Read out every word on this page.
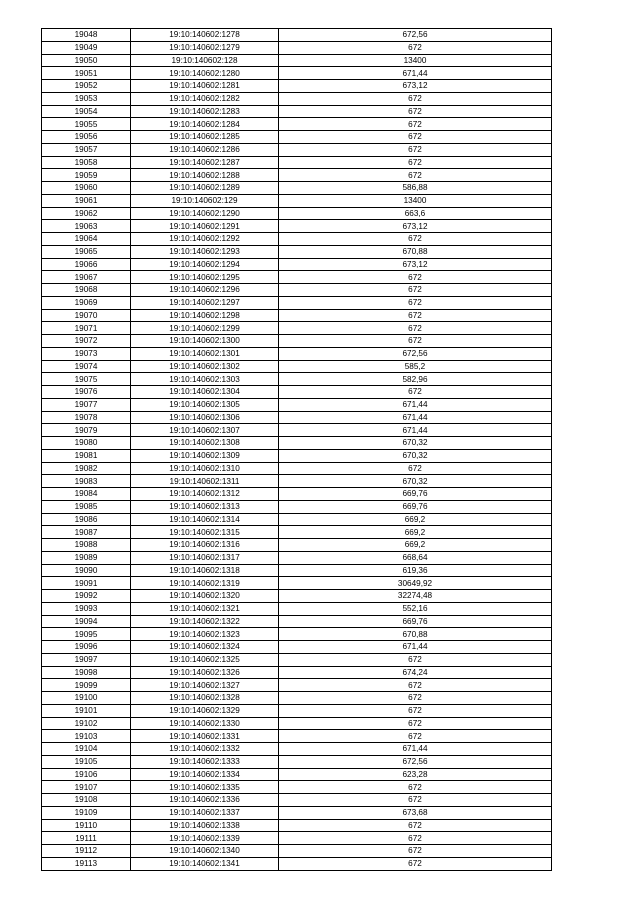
19048	19:10:140602:1278	672,56
19049	19:10:140602:1279	672
19050	19:10:140602:128	13400
19051	19:10:140602:1280	671,44
19052	19:10:140602:1281	673,12
19053	19:10:140602:1282	672
19054	19:10:140602:1283	672
19055	19:10:140602:1284	672
19056	19:10:140602:1285	672
19057	19:10:140602:1286	672
19058	19:10:140602:1287	672
19059	19:10:140602:1288	672
19060	19:10:140602:1289	586,88
19061	19:10:140602:129	13400
19062	19:10:140602:1290	663,6
19063	19:10:140602:1291	673,12
19064	19:10:140602:1292	672
19065	19:10:140602:1293	670,88
19066	19:10:140602:1294	673,12
19067	19:10:140602:1295	672
19068	19:10:140602:1296	672
19069	19:10:140602:1297	672
19070	19:10:140602:1298	672
19071	19:10:140602:1299	672
19072	19:10:140602:1300	672
19073	19:10:140602:1301	672,56
19074	19:10:140602:1302	585,2
19075	19:10:140602:1303	582,96
19076	19:10:140602:1304	672
19077	19:10:140602:1305	671,44
19078	19:10:140602:1306	671,44
19079	19:10:140602:1307	671,44
19080	19:10:140602:1308	670,32
19081	19:10:140602:1309	670,32
19082	19:10:140602:1310	672
19083	19:10:140602:1311	670,32
19084	19:10:140602:1312	669,76
19085	19:10:140602:1313	669,76
19086	19:10:140602:1314	669,2
19087	19:10:140602:1315	669,2
19088	19:10:140602:1316	669,2
19089	19:10:140602:1317	668,64
19090	19:10:140602:1318	619,36
19091	19:10:140602:1319	30649,92
19092	19:10:140602:1320	32274,48
19093	19:10:140602:1321	552,16
19094	19:10:140602:1322	669,76
19095	19:10:140602:1323	670,88
19096	19:10:140602:1324	671,44
19097	19:10:140602:1325	672
19098	19:10:140602:1326	674,24
19099	19:10:140602:1327	672
19100	19:10:140602:1328	672
19101	19:10:140602:1329	672
19102	19:10:140602:1330	672
19103	19:10:140602:1331	672
19104	19:10:140602:1332	671,44
19105	19:10:140602:1333	672,56
19106	19:10:140602:1334	623,28
19107	19:10:140602:1335	672
19108	19:10:140602:1336	672
19109	19:10:140602:1337	673,68
19110	19:10:140602:1338	672
19111	19:10:140602:1339	672
19112	19:10:140602:1340	672
19113	19:10:140602:1341	672
